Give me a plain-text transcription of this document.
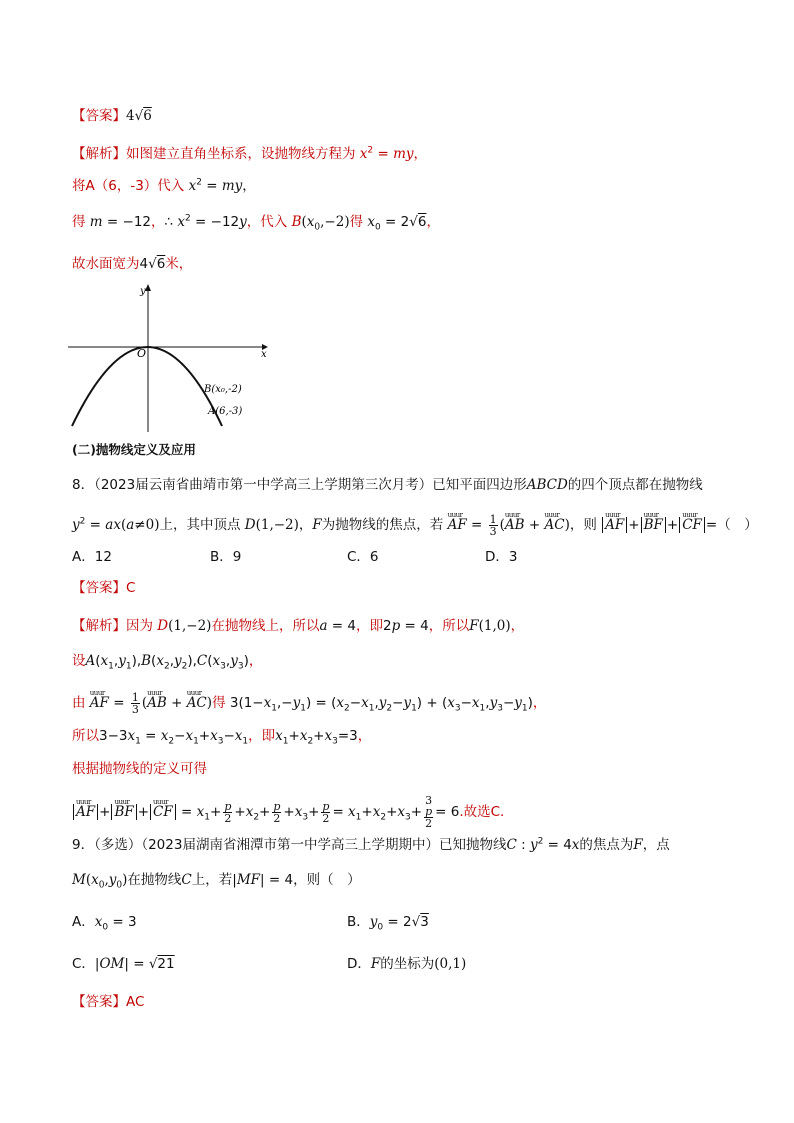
【答案】4√6
【解析】如图建立直角坐标系，设抛物线方程为 $x^2$ = my，
将A（6，-3）代入 $x^2$ = my，
得 m = −12，∴ $x^2 = -12y$，代入 $B(x_0,-2)$得 $x_0 = 2√6$，
故水面宽为4√6米，
x
y
O
B(x₀,-2)
A(6,-3)
(二)抛物线定义及应用
8．（2023届云南省曲靖市第一中学高三上学期第三次月考）已知平面四边形ABCD的四个顶点都在抛物线
$y^2 = ax(a\ne 0)$上，其中顶点 D(1,−2)，F为抛物线的焦点，若 uuur AF = $\frac{1}{3}$ (uuur AB + uuur AC)，则 uuur AF + uuur BF + uuur CF =（　）
A．12	B．9	C．6	D．3
【答案】C
【解析】因为 D(1,−2)在抛物线上，所以a = 4，即2p = 4，所以F(1,0)，
设$A(x_1,y_1),B(x_2,y_2),C(x_3,y_3)$，
由 uuur AF = $\frac{1}{3}$ (uuur AB + uuur AC)得 $3(1-x_1,-y_1) = (x_2-x_1,y_2-y_1) + (x_3-x_1,y_3-y_1)$，
所以$3-3x_1 = x_2-x_1+x_3-x_1$，即$x_1+x_2+x_3=3$，
根据抛物线的定义可得
uuur AF + uuur BF + uuur CF = $x_1+ \frac{p}{2} +x_2+ \frac{p}{2} +x_3+ \frac{p}{2} = x_1+x_2+x_3+ 3$
p
2 = 6.故选C.
9．（多选）（2023届湖南省湘潭市第一中学高三上学期期中）已知抛物线C : $y^2 = 4x$的焦点为F，点
$M(x_0,y_0)$在抛物线C上，若|MF| = 4，则（　）
A．$x_0 = 3$	B．$y_0 = 2√3$
C．|OM| = √21	D．F的坐标为(0,1)
【答案】AC
